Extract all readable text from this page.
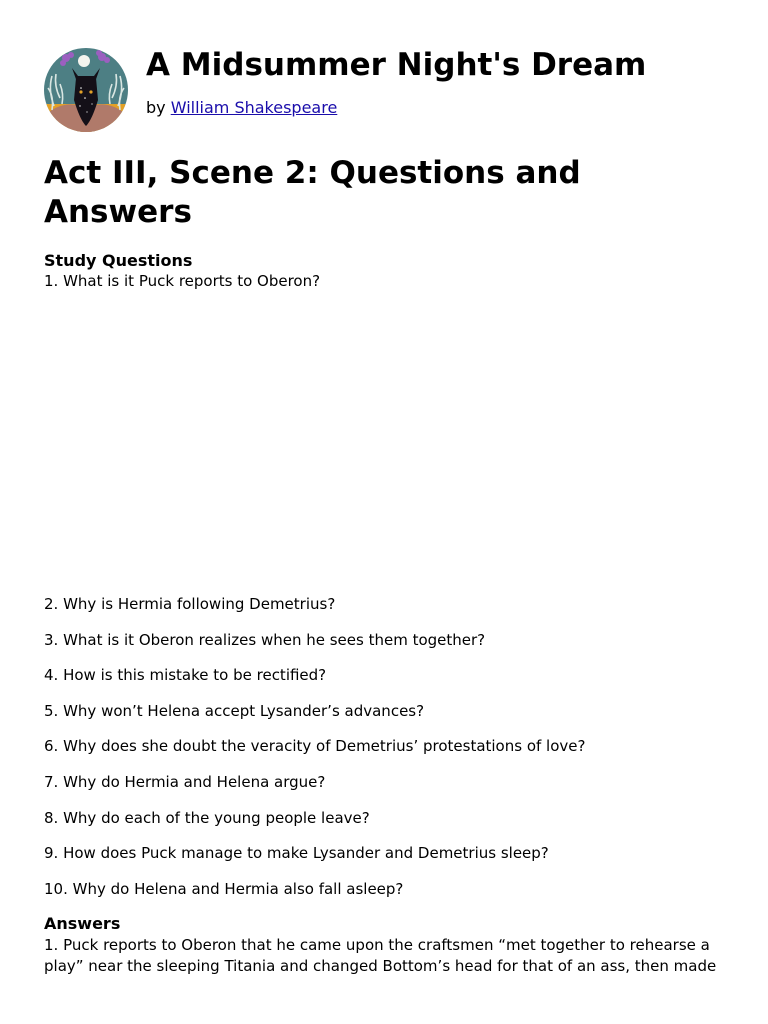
A Midsummer Night's Dream
by William Shakespeare
Act III, Scene 2: Questions and Answers
Study Questions
1. What is it Puck reports to Oberon?
2. Why is Hermia following Demetrius?
3. What is it Oberon realizes when he sees them together?
4. How is this mistake to be rectified?
5. Why won’t Helena accept Lysander’s advances?
6. Why does she doubt the veracity of Demetrius’ protestations of love?
7. Why do Hermia and Helena argue?
8. Why do each of the young people leave?
9. How does Puck manage to make Lysander and Demetrius sleep?
10. Why do Helena and Hermia also fall asleep?
Answers

1. Puck reports to Oberon that he came upon the craftsmen “met together to rehearse a play” near the sleeping Titania and changed Bottom’s head for that of an ass, then made
